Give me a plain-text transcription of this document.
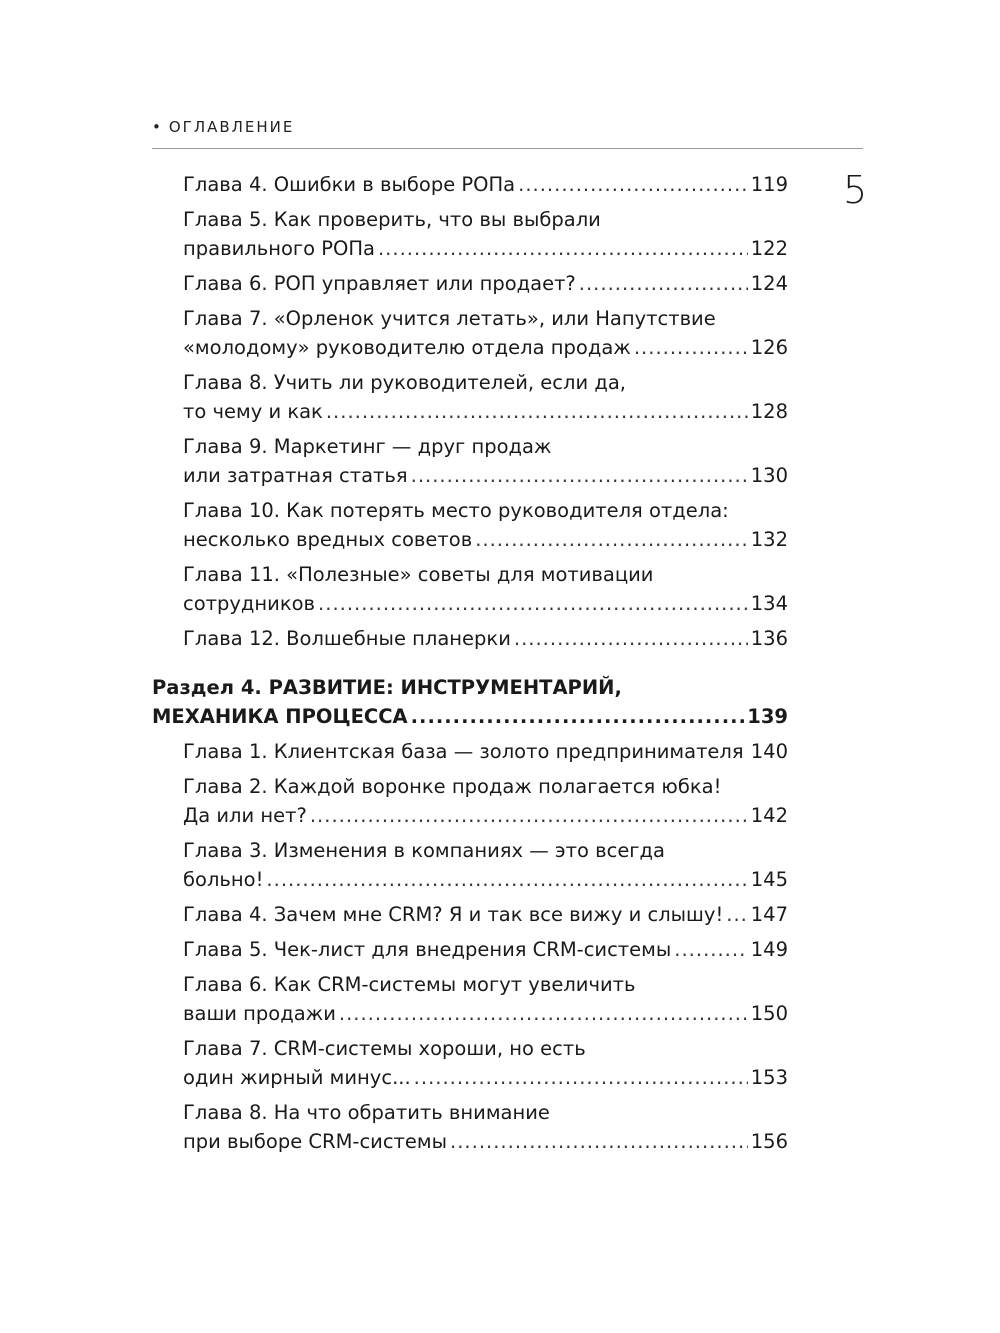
• ОГЛАВЛЕНИЕ
5
Глава 4. Ошибки в выборе РОПа .....	119
Глава 5. Как проверить, что вы выбрали
правильного РОПа .....	122
Глава 6. РОП управляет или продает? .....	124
Глава 7. «Орленок учится летать», или Напутствие
«молодому» руководителю отдела продаж .....	126
Глава 8. Учить ли руководителей, если да,
то чему и как .....	128
Глава 9. Маркетинг — друг продаж
или затратная статья .....	130
Глава 10. Как потерять место руководителя отдела:
несколько вредных советов .....	132
Глава 11. «Полезные» советы для мотивации
сотрудников .....	134
Глава 12. Волшебные планерки .....	136
Раздел 4. РАЗВИТИЕ: ИНСТРУМЕНТАРИЙ,
МЕХАНИКА ПРОЦЕССА .....	139
Глава 1. Клиентская база — золото предпринимателя ..... 140
Глава 2. Каждой воронке продаж полагается юбка!
Да или нет? .....	142
Глава 3. Изменения в компаниях — это всегда
больно! .....	145
Глава 4. Зачем мне CRM? Я и так все вижу и слышу! ..... 147
Глава 5. Чек-лист для внедрения CRM-системы .....	149
Глава 6. Как CRM-системы могут увеличить
ваши продажи .....	150
Глава 7. CRM-системы хороши, но есть
один жирный минус... .....	153
Глава 8. На что обратить внимание
при выборе CRM-системы .....	156
